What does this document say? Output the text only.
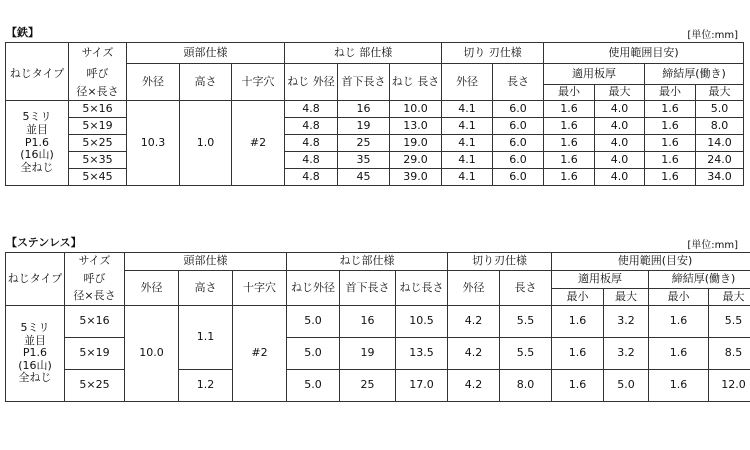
【鉄】	[単位:mm]
	サイズ	頭部仕様			ねじ 部仕様			切り 刃仕様		使用範囲目安)			
ねじタイプ	呼び	外径	高さ	十字穴	ねじ 外径	首下長さ	ねじ 長さ	外径	長さ	適用板厚		締結厚(働き)	
	径×長さ									最小	最大	最小	最大

5ミリ
並目
P1.6
(16山)
全ねじ	5×16	10.3	1.0	#2	4.8	16	10.0	4.1	6.0	1.6	4.0	1.6	5.0
	5×19				4.8	19	13.0	4.1	6.0	1.6	4.0	1.6	8.0
	5×25				4.8	25	19.0	4.1	6.0	1.6	4.0	1.6	14.0
	5×35				4.8	35	29.0	4.1	6.0	1.6	4.0	1.6	24.0
	5×45				4.8	45	39.0	4.1	6.0	1.6	4.0	1.6	34.0
【ステンレス】	[単位:mm]
	サイズ	頭部仕様			ねじ部仕様			切り刃仕様		使用範囲(目安)			
ねじタイプ	呼び	外径	高さ	十字穴	ねじ外径	首下長さ	ねじ長さ	外径	長さ	適用板厚		締結厚(働き)	
	径×長さ									最小	最大	最小	最大

5ミリ
並目
P1.6
(16山)
全ねじ	5×16	10.0	1.1	#2	5.0	16	10.5	4.2	5.5	1.6	3.2	1.6	5.5
	5×19				5.0	19	13.5	4.2	5.5	1.6	3.2	1.6	8.5
	5×25		1.2		5.0	25	17.0	4.2	8.0	1.6	5.0	1.6	12.0
